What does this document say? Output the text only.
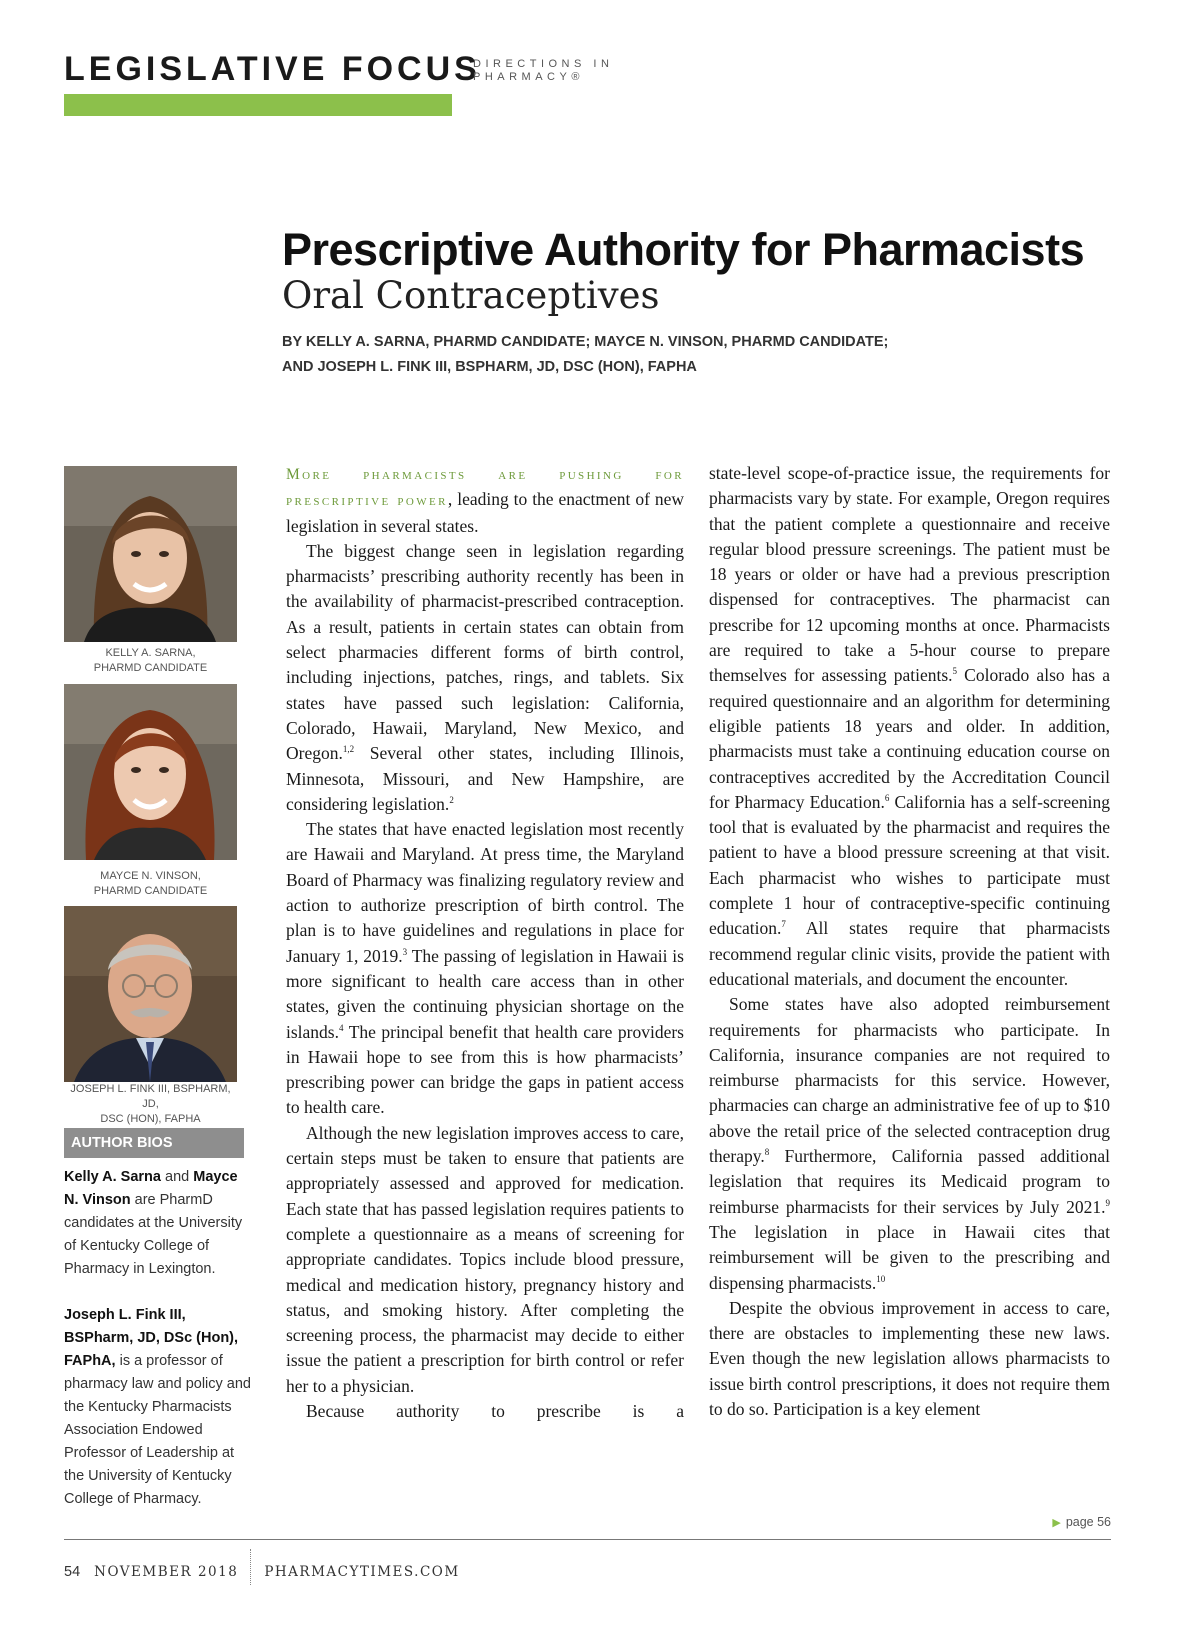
LEGISLATIVE FOCUS
DIRECTIONS IN
PHARMACY®
Prescriptive Authority for Pharmacists
Oral Contraceptives
BY KELLY A. SARNA, PHARMD CANDIDATE; MAYCE N. VINSON, PHARMD CANDIDATE;
AND JOSEPH L. FINK III, BSPHARM, JD, DSC (HON), FAPHA
KELLY A. SARNA,
PHARMD CANDIDATE
MAYCE N. VINSON,
PHARMD CANDIDATE
JOSEPH L. FINK III, BSPHARM, JD,
DSC (HON), FAPHA
AUTHOR BIOS
Kelly A. Sarna and Mayce N. Vinson are PharmD candidates at the University of Kentucky College of Pharmacy in Lexington.
Joseph L. Fink III, BSPharm, JD, DSc (Hon), FAPhA, is a professor of pharmacy law and policy and the Kentucky Pharmacists Association Endowed Professor of Leadership at the University of Kentucky College of Pharmacy.

More pharmacists are pushing for prescriptive power, leading to the enactment of new legislation in several states.

The biggest change seen in legislation regarding pharmacists’ prescribing authority recently has been in the availability of pharmacist-prescribed contraception. As a result, patients in certain states can obtain from select pharmacies different forms of birth control, including injections, patches, rings, and tablets. Six states have passed such legislation: California, Colorado, Hawaii, Maryland, New Mexico, and Oregon.$^{1,2}$ Several other states, including Illinois, Minnesota, Missouri, and New Hampshire, are considering legislation.$^2$

The states that have enacted legislation most recently are Hawaii and Maryland. At press time, the Maryland Board of Pharmacy was finalizing regulatory review and action to authorize prescription of birth control. The plan is to have guidelines and regulations in place for January 1, 2019.$^3$ The passing of legislation in Hawaii is more significant to health care access than in other states, given the continuing physician shortage on the islands.$^4$ The principal benefit that health care providers in Hawaii hope to see from this is how pharmacists’ prescribing power can bridge the gaps in patient access to health care.

Although the new legislation improves access to care, certain steps must be taken to ensure that patients are appropriately assessed and approved for medication. Each state that has passed legislation requires patients to complete a questionnaire as a means of screening for appropriate candidates. Topics include blood pressure, medical and medication history, pregnancy history and status, and smoking history. After completing the screening process, the pharmacist may decide to either issue the patient a prescription for birth control or refer her to a physician.

Because authority to prescribe is a

state-level scope-of-practice issue, the requirements for pharmacists vary by state. For example, Oregon requires that the patient complete a questionnaire and receive regular blood pressure screenings. The patient must be 18 years or older or have had a previous prescription dispensed for contraceptives. The pharmacist can prescribe for 12 upcoming months at once. Pharmacists are required to take a 5-hour course to prepare themselves for assessing patients.$^5$ Colorado also has a required questionnaire and an algorithm for determining eligible patients 18 years and older. In addition, pharmacists must take a continuing education course on contraceptives accredited by the Accreditation Council for Pharmacy Education.$^6$ California has a self-screening tool that is evaluated by the pharmacist and requires the patient to have a blood pressure screening at that visit. Each pharmacist who wishes to participate must complete 1 hour of contraceptive-specific continuing education.$^7$ All states require that pharmacists recommend regular clinic visits, provide the patient with educational materials, and document the encounter.

Some states have also adopted reimbursement requirements for pharmacists who participate. In California, insurance companies are not required to reimburse pharmacists for this service. However, pharmacies can charge an administrative fee of up to $10 above the retail price of the selected contraception drug therapy.$^8$ Furthermore, California passed additional legislation that requires its Medicaid program to reimburse pharmacists for their services by July 2021.$^9$ The legislation in place in Hawaii cites that reimbursement will be given to the prescribing and dispensing pharmacists.$^{10}$

Despite the obvious improvement in access to care, there are obstacles to implementing these new laws. Even though the new legislation allows pharmacists to issue birth control prescriptions, it does not require them to do so. Participation is a key element

▶ page 56
54 NOVEMBER 2018 PHARMACYTIMES.COM
